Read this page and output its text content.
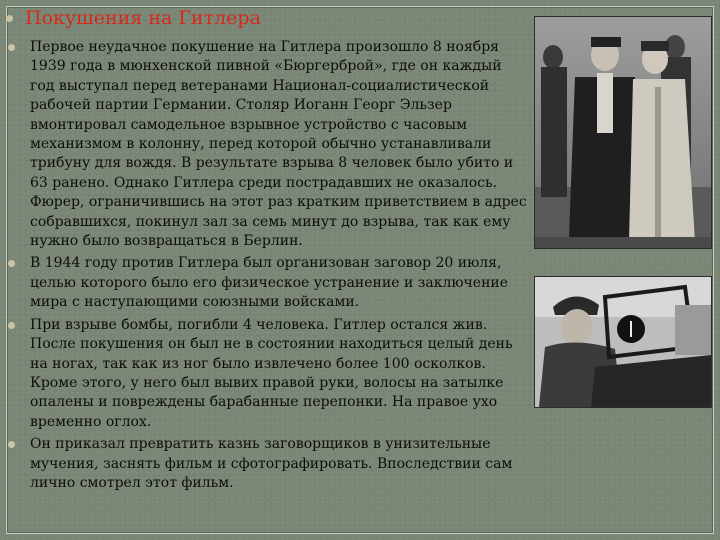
Покушения на Гитлера

Первое неудачное покушение на Гитлера произошло 8 ноября 1939 года в мюнхенской пивной «Бюргерброй», где он каждый год выступал перед ветеранами Национал-социалистической рабочей партии Германии. Столяр Иоганн Георг Эльзер вмонтировал самодельное взрывное устройство с часовым механизмом в колонну, перед которой обычно устанавливали трибуну для вождя. В результате взрыва 8 человек было убито и 63 ранено. Однако Гитлера среди пострадавших не оказалось. Фюрер, ограничившись на этот раз кратким приветствием в адрес собравшихся, покинул зал за семь минут до взрыва, так как ему нужно было возвращаться в Берлин.

В 1944 году против Гитлера был организован заговор 20 июля, целью которого было его физическое устранение и заключение мира с наступающими союзными войсками.

При взрыве бомбы, погибли 4 человека. Гитлер остался жив. После покушения он был не в состоянии находиться целый день на ногах, так как из ног было извлечено более 100 осколков. Кроме этого, у него был вывих правой руки, волосы на затылке опалены и повреждены барабанные перепонки. На правое ухо временно оглох.

Он приказал превратить казнь заговорщиков в унизительные мучения, заснять фильм и сфотографировать. Впоследствии сам лично смотрел этот фильм.
